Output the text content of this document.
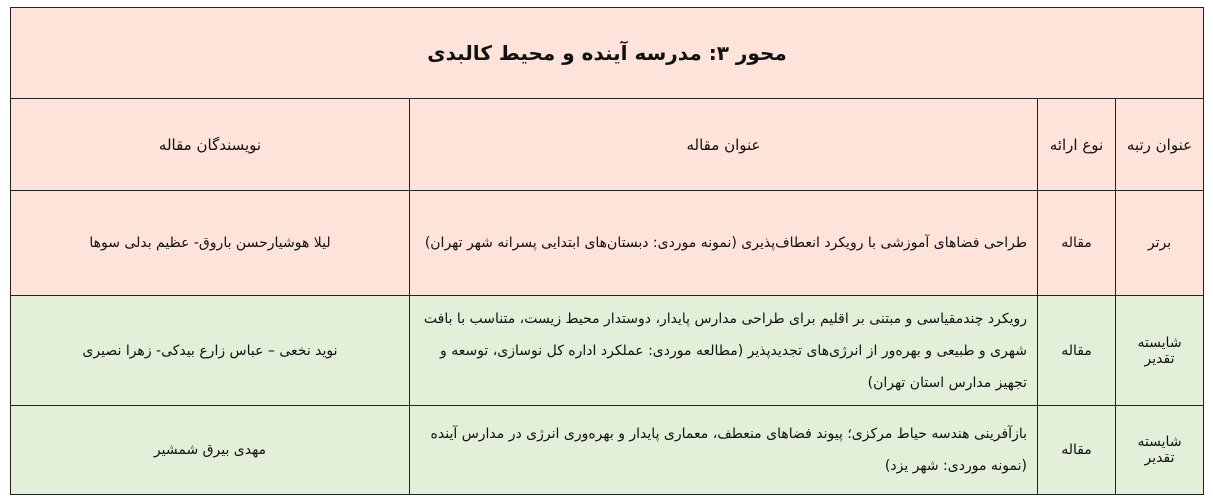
محور ۳: مدرسه آینده و محیط کالبدی			
عنوان رتبه	نوع ارائه	عنوان مقاله	نویسندگان مقاله
برتر	مقاله	طراحی فضاهای آموزشی با رویکرد انعطاف‌پذیری (نمونه موردی: دبستان‌های ابتدایی پسرانه شهر تهران)	لیلا هوشیارحسن باروق- عظیم بدلی سوها
شایسته تقدیر	مقاله	رویکرد چندمقیاسی و مبتنی بر اقلیم برای طراحی مدارس پایدار، دوستدار محیط زیست، متناسب با بافت شهری و طبیعی و بهره‌ور از انرژی‌های تجدیدپذیر (مطالعه موردی: عملکرد اداره کل نوسازی، توسعه و تجهیز مدارس استان تهران)	نوید نخعی – عباس زارع بیدکی- زهرا نصیری
شایسته تقدیر	مقاله	بازآفرینی هندسه حیاط مرکزی؛ پیوند فضاهای منعطف، معماری پایدار و بهره‌وری انرژی در مدارس آینده (نمونه موردی: شهر یزد)	مهدی بیرق شمشیر
